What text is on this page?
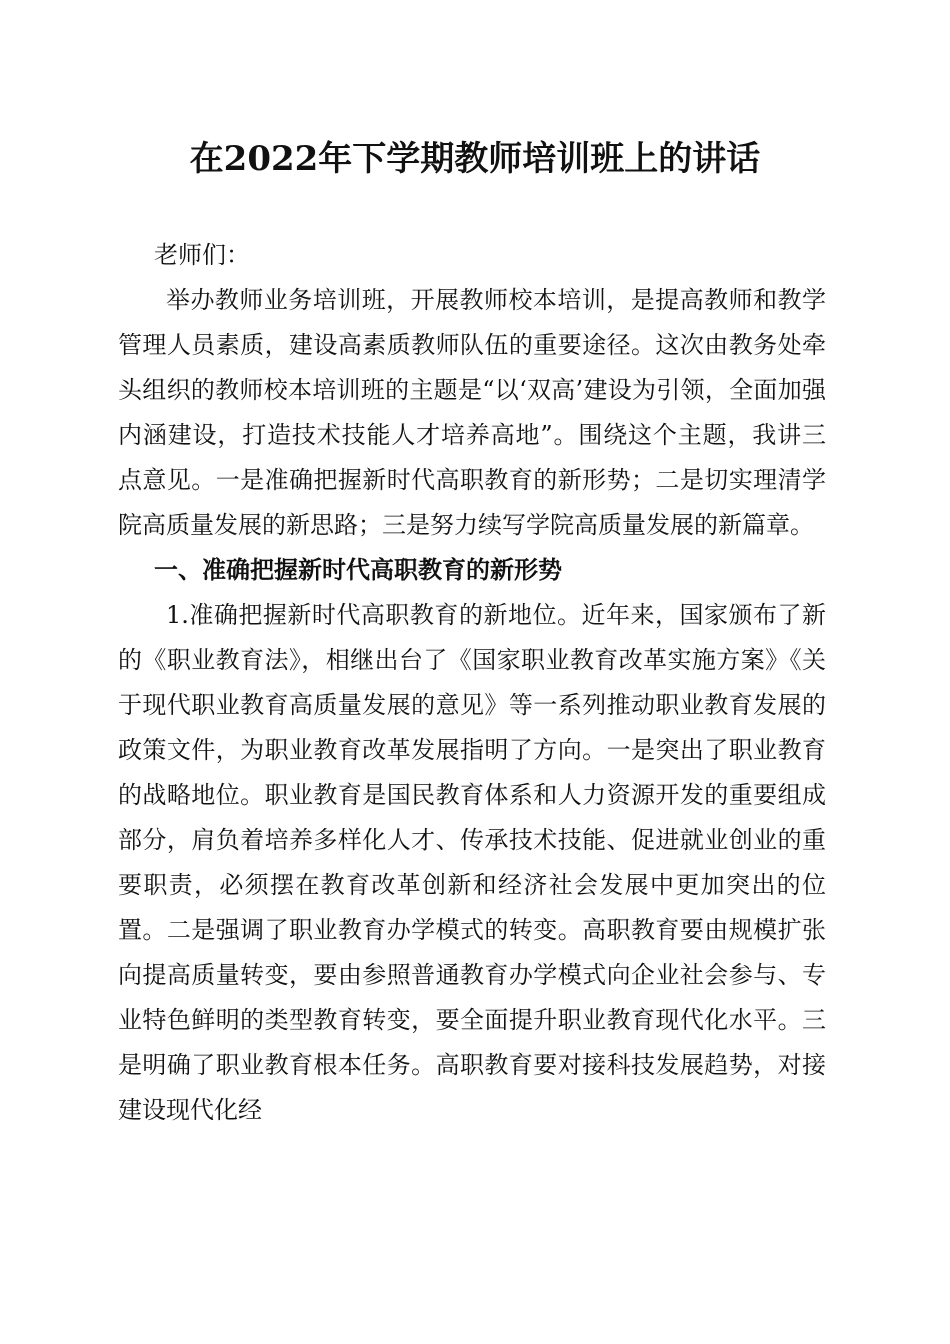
在2022年下学期教师培训班上的讲话

老师们：

举办教师业务培训班，开展教师校本培训，是提高教师和教学管理人员素质，建设高素质教师队伍的重要途径。这次由教务处牵头组织的教师校本培训班的主题是“以‘双高’建设为引领，全面加强内涵建设，打造技术技能人才培养高地”。围绕这个主题，我讲三点意见。一是准确把握新时代高职教育的新形势；二是切实理清学院高质量发展的新思路；三是努力续写学院高质量发展的新篇章。

一、准确把握新时代高职教育的新形势

1.准确把握新时代高职教育的新地位。近年来，国家颁布了新的《职业教育法》，相继出台了《国家职业教育改革实施方案》《关于现代职业教育高质量发展的意见》等一系列推动职业教育发展的政策文件，为职业教育改革发展指明了方向。一是突出了职业教育的战略地位。职业教育是国民教育体系和人力资源开发的重要组成部分，肩负着培养多样化人才、传承技术技能、促进就业创业的重要职责，必须摆在教育改革创新和经济社会发展中更加突出的位置。二是强调了职业教育办学模式的转变。高职教育要由规模扩张向提高质量转变，要由参照普通教育办学模式向企业社会参与、专业特色鲜明的类型教育转变，要全面提升职业教育现代化水平。三是明确了职业教育根本任务。高职教育要对接科技发展趋势，对接建设现代化经
